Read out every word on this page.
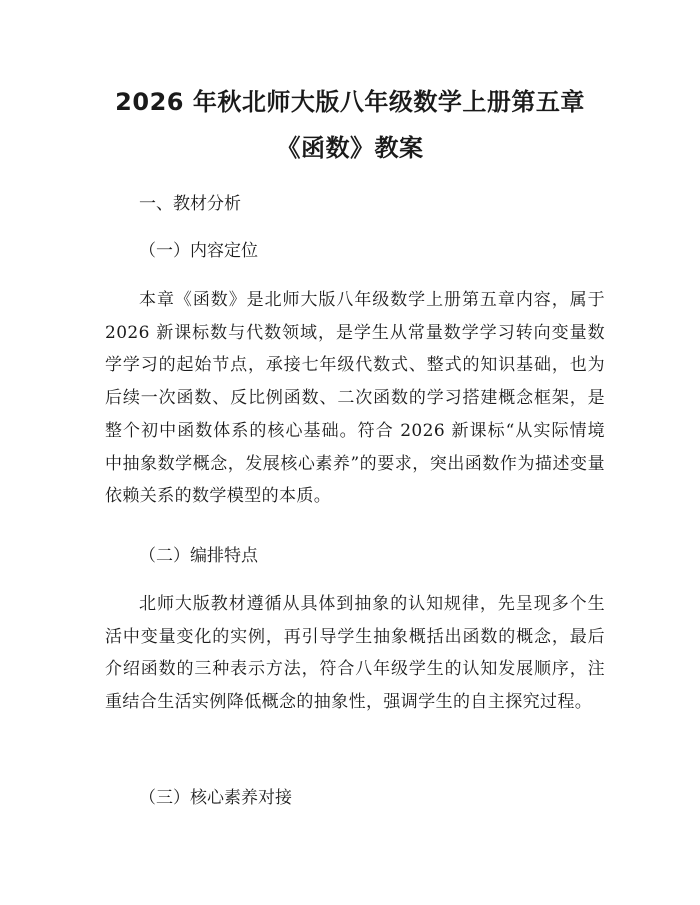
2026 年秋北师大版八年级数学上册第五章
《函数》教案
一、教材分析
（一）内容定位
本章《函数》是北师大版八年级数学上册第五章内容，属于 2026 新课标数与代数领域，是学生从常量数学学习转向变量数学学习的起始节点，承接七年级代数式、整式的知识基础，也为后续一次函数、反比例函数、二次函数的学习搭建概念框架，是整个初中函数体系的核心基础。符合 2026 新课标“从实际情境中抽象数学概念，发展核心素养”的要求，突出函数作为描述变量依赖关系的数学模型的本质。
（二）编排特点
北师大版教材遵循从具体到抽象的认知规律，先呈现多个生活中变量变化的实例，再引导学生抽象概括出函数的概念，最后介绍函数的三种表示方法，符合八年级学生的认知发展顺序，注重结合生活实例降低概念的抽象性，强调学生的自主探究过程。
（三）核心素养对接
